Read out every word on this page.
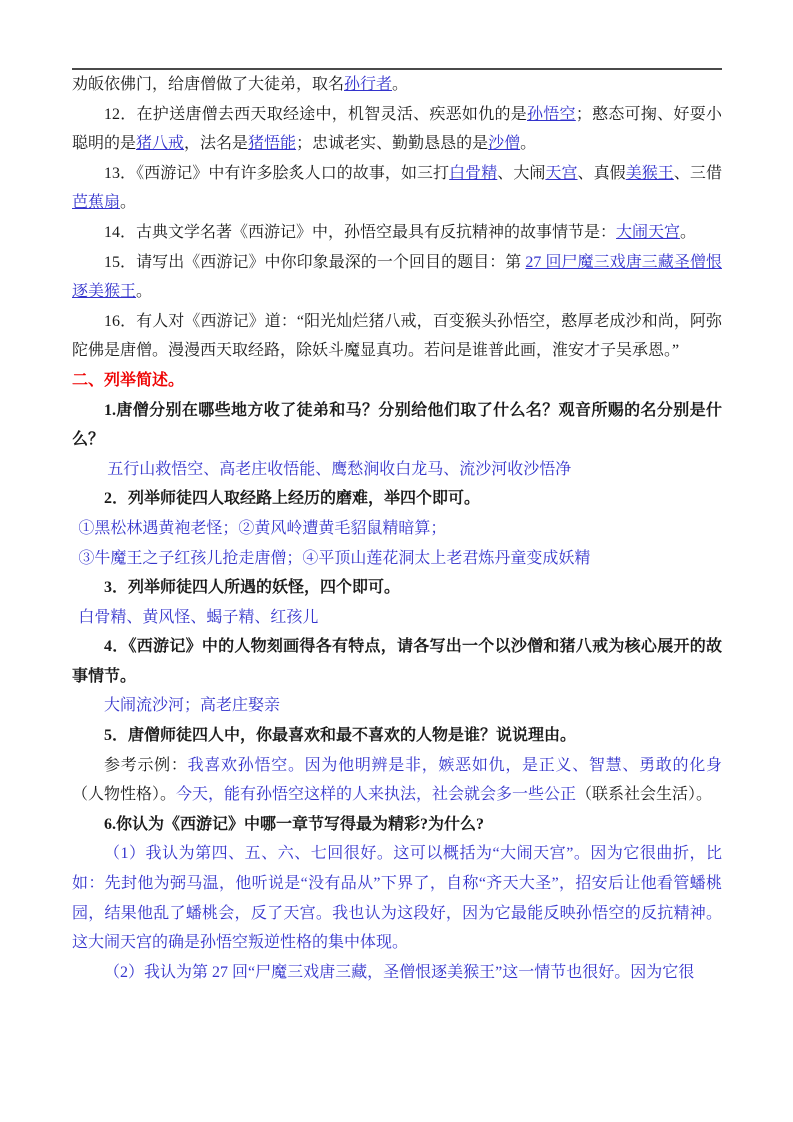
劝皈依佛门，给唐僧做了大徒弟，取名孙行者。

12．在护送唐僧去西天取经途中，机智灵活、疾恶如仇的是孙悟空；憨态可掬、好耍小聪明的是猪八戒，法名是猪悟能；忠诚老实、勤勤恳恳的是沙僧。

13．《西游记》中有许多脍炙人口的故事，如三打白骨精、大闹天宫、真假美猴王、三借芭蕉扇。

14．古典文学名著《西游记》中，孙悟空最具有反抗精神的故事情节是：大闹天宫。

15．请写出《西游记》中你印象最深的一个回目的题目：第 27 回尸魔三戏唐三藏圣僧恨逐美猴王。

16．有人对《西游记》道：“阳光灿烂猪八戒，百变猴头孙悟空，憨厚老成沙和尚，阿弥陀佛是唐僧。漫漫西天取经路，除妖斗魔显真功。若问是谁普此画，淮安才子吴承恩。”

二、列举简述。

1.唐僧分别在哪些地方收了徒弟和马？分别给他们取了什么名？观音所赐的名分别是什么？

五行山救悟空、高老庄收悟能、鹰愁涧收白龙马、流沙河收沙悟净

2．列举师徒四人取经路上经历的磨难，举四个即可。

①黑松林遇黄袍老怪；②黄风岭遭黄毛貂鼠精暗算；

③牛魔王之子红孩儿抢走唐僧；④平顶山莲花洞太上老君炼丹童变成妖精

3．列举师徒四人所遇的妖怪，四个即可。

白骨精、黄风怪、蝎子精、红孩儿

4．《西游记》中的人物刻画得各有特点，请各写出一个以沙僧和猪八戒为核心展开的故事情节。

大闹流沙河；高老庄娶亲

5．唐僧师徒四人中，你最喜欢和最不喜欢的人物是谁？说说理由。

参考示例：我喜欢孙悟空。因为他明辨是非，嫉恶如仇，是正义、智慧、勇敢的化身（人物性格）。今天，能有孙悟空这样的人来执法，社会就会多一些公正（联系社会生活）。

6.你认为《西游记》中哪一章节写得最为精彩?为什么?

（1）我认为第四、五、六、七回很好。这可以概括为“大闹天宫”。因为它很曲折，比如：先封他为弼马温，他听说是“没有品从”下界了，自称“齐天大圣”，招安后让他看管蟠桃园，结果他乱了蟠桃会，反了天宫。我也认为这段好，因为它最能反映孙悟空的反抗精神。这大闹天宫的确是孙悟空叛逆性格的集中体现。

（2）我认为第 27 回“尸魔三戏唐三藏，圣僧恨逐美猴王”这一情节也很好。因为它很
